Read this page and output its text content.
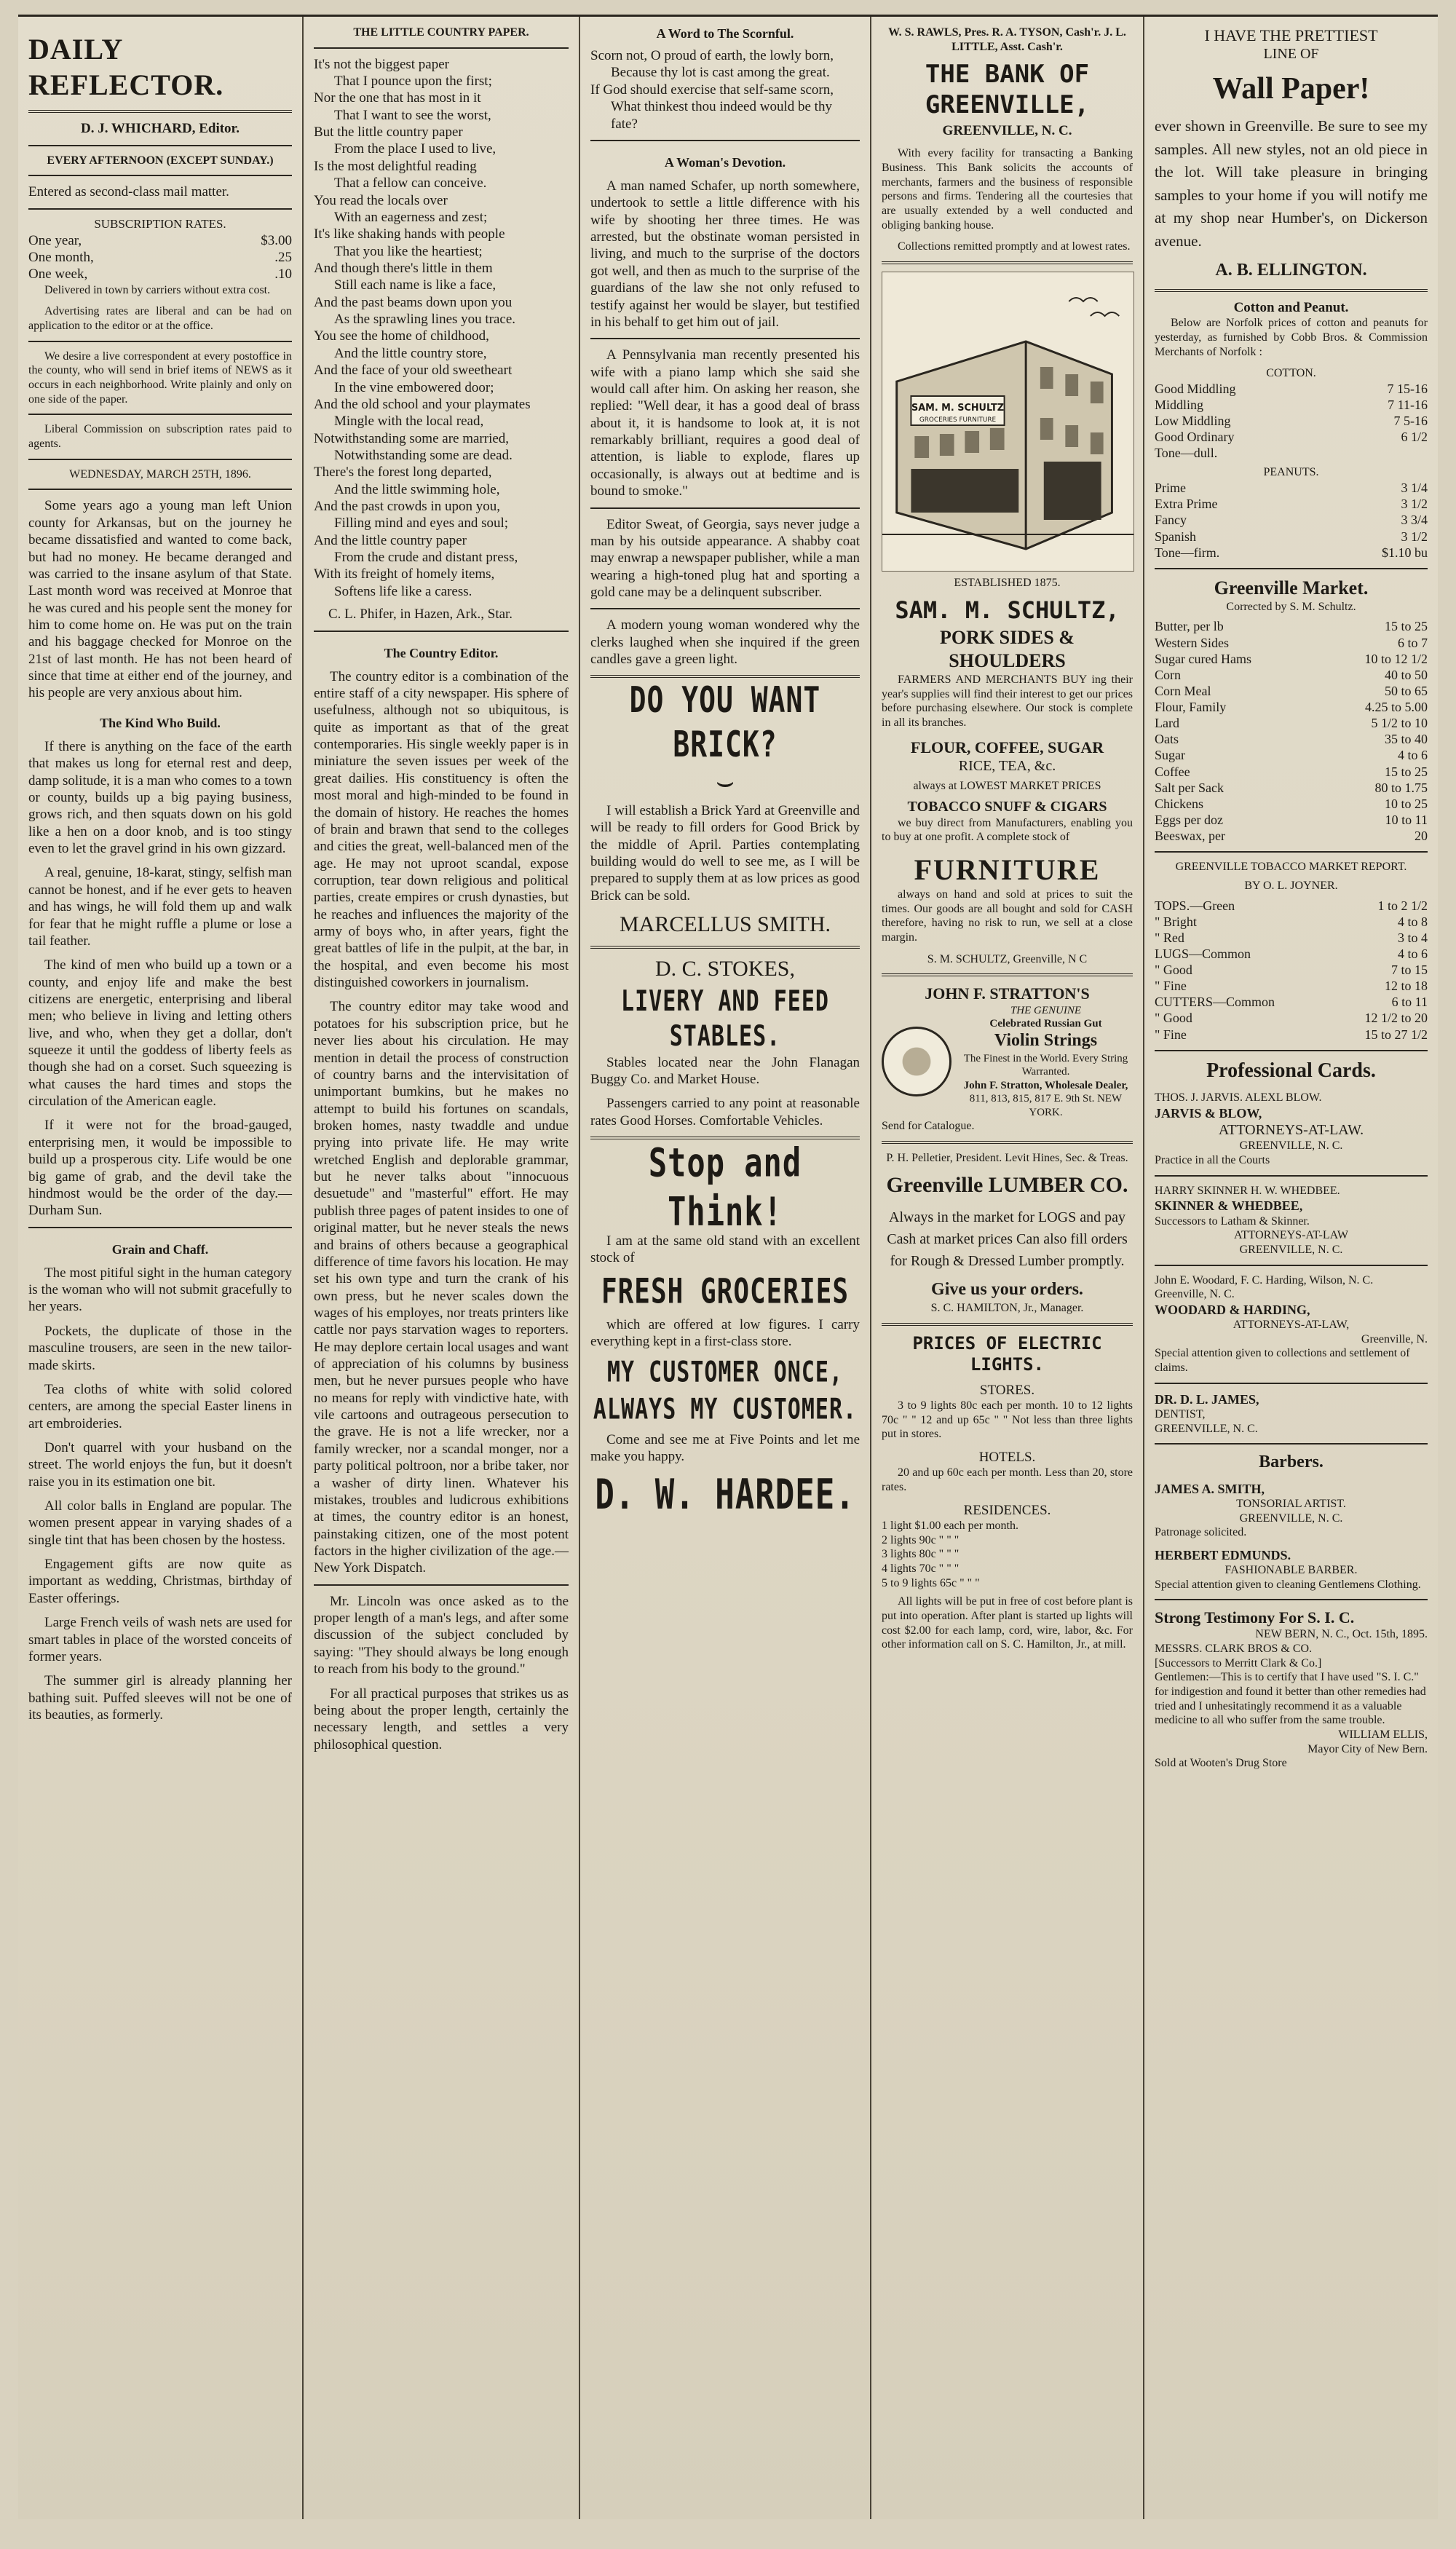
DAILY REFLECTOR.
D. J. WHICHARD, Editor.
EVERY AFTERNOON (EXCEPT SUNDAY.)

Entered as second-class mail matter.

SUBSCRIPTION RATES.
One year,	$3.00
One month,	.25
One week,	.10

Delivered in town by carriers without extra cost.

Advertising rates are liberal and can be had on application to the editor or at the office.

We desire a live correspondent at every postoffice in the county, who will send in brief items of NEWS as it occurs in each neighborhood. Write plainly and only on one side of the paper.

Liberal Commission on subscription rates paid to agents.

WEDNESDAY, MARCH 25TH, 1896.

Some years ago a young man left Union county for Arkansas, but on the journey he became dissatisfied and wanted to come back, but had no money. He became deranged and was carried to the insane asylum of that State. Last month word was received at Monroe that he was cured and his people sent the money for him to come home on. He was put on the train and his baggage checked for Monroe on the 21st of last month. He has not been heard of since that time at either end of the journey, and his people are very anxious about him.

The Kind Who Build.

If there is anything on the face of the earth that makes us long for eternal rest and deep, damp solitude, it is a man who comes to a town or county, builds up a big paying business, grows rich, and then squats down on his gold like a hen on a door knob, and is too stingy even to let the gravel grind in his own gizzard.

A real, genuine, 18-karat, stingy, selfish man cannot be honest, and if he ever gets to heaven and has wings, he will fold them up and walk for fear that he might ruffle a plume or lose a tail feather.

The kind of men who build up a town or a county, and enjoy life and make the best citizens are energetic, enterprising and liberal men; who believe in living and letting others live, and who, when they get a dollar, don't squeeze it until the goddess of liberty feels as though she had on a corset. Such squeezing is what causes the hard times and stops the circulation of the American eagle.

If it were not for the broad-gauged, enterprising men, it would be impossible to build up a prosperous city. Life would be one big game of grab, and the devil take the hindmost would be the order of the day.—Durham Sun.

Grain and Chaff.

The most pitiful sight in the human category is the woman who will not submit gracefully to her years.

Pockets, the duplicate of those in the masculine trousers, are seen in the new tailor-made skirts.

Tea cloths of white with solid colored centers, are among the special Easter linens in art embroideries.

Don't quarrel with your husband on the street. The world enjoys the fun, but it doesn't raise you in its estimation one bit.

All color balls in England are popular. The women present appear in varying shades of a single tint that has been chosen by the hostess.

Engagement gifts are now quite as important as wedding, Christmas, birthday of Easter offerings.

Large French veils of wash nets are used for smart tables in place of the worsted conceits of former years.

The summer girl is already planning her bathing suit. Puffed sleeves will not be one of its beauties, as formerly.

THE LITTLE COUNTRY PAPER.
It's not the biggest paper
That I pounce upon the first;
Nor the one that has most in it
That I want to see the worst,
But the little country paper
From the place I used to live,
Is the most delightful reading
That a fellow can conceive.
You read the locals over
With an eagerness and zest;
It's like shaking hands with people
That you like the heartiest;
And though there's little in them
Still each name is like a face,
And the past beams down upon you
As the sprawling lines you trace.
You see the home of childhood,
And the little country store,
And the face of your old sweetheart
In the vine embowered door;
And the old school and your playmates
Mingle with the local read,
Notwithstanding some are married,
Notwithstanding some are dead.
There's the forest long departed,
And the little swimming hole,
And the past crowds in upon you,
Filling mind and eyes and soul;
And the little country paper
From the crude and distant press,
With its freight of homely items,
Softens life like a caress.
C. L. Phifer, in Hazen, Ark., Star.
The Country Editor.

The country editor is a combination of the entire staff of a city newspaper. His sphere of usefulness, although not so ubiquitous, is quite as important as that of the great contemporaries. His single weekly paper is in miniature the seven issues per week of the great dailies. His constituency is often the most moral and high-minded to be found in the domain of history. He reaches the homes of brain and brawn that send to the colleges and cities the great, well-balanced men of the age. He may not uproot scandal, expose corruption, tear down religious and political parties, create empires or crush dynasties, but he reaches and influences the majority of the army of boys who, in after years, fight the great battles of life in the pulpit, at the bar, in the hospital, and even become his most distinguished coworkers in journalism.

The country editor may take wood and potatoes for his subscription price, but he never lies about his circulation. He may mention in detail the process of construction of country barns and the intervisitation of unimportant bumkins, but he makes no attempt to build his fortunes on scandals, broken homes, nasty twaddle and undue prying into private life. He may write wretched English and deplorable grammar, but he never talks about "innocuous desuetude" and "masterful" effort. He may publish three pages of patent insides to one of original matter, but he never steals the news and brains of others because a geographical difference of time favors his location. He may set his own type and turn the crank of his own press, but he never scales down the wages of his employes, nor treats printers like cattle nor pays starvation wages to reporters. He may deplore certain local usages and want of appreciation of his columns by business men, but he never pursues people who have no means for reply with vindictive hate, with vile cartoons and outrageous persecution to the grave. He is not a life wrecker, nor a family wrecker, nor a scandal monger, nor a party political poltroon, nor a bribe taker, nor a washer of dirty linen. Whatever his mistakes, troubles and ludicrous exhibitions at times, the country editor is an honest, painstaking citizen, one of the most potent factors in the higher civilization of the age.—New York Dispatch.

Mr. Lincoln was once asked as to the proper length of a man's legs, and after some discussion of the subject concluded by saying: "They should always be long enough to reach from his body to the ground."

For all practical purposes that strikes us as being about the proper length, certainly the necessary length, and settles a very philosophical question.

A Word to The Scornful.
Scorn not, O proud of earth, the lowly born,
Because thy lot is cast among the great.
If God should exercise that self-same scorn,
What thinkest thou indeed would be thy fate?
A Woman's Devotion.

A man named Schafer, up north somewhere, undertook to settle a little difference with his wife by shooting her three times. He was arrested, but the obstinate woman persisted in living, and much to the surprise of the doctors got well, and then as much to the surprise of the guardians of the law she not only refused to testify against her would be slayer, but testified in his behalf to get him out of jail.

A Pennsylvania man recently presented his wife with a piano lamp which she said she would call after him. On asking her reason, she replied: "Well dear, it has a good deal of brass about it, it is handsome to look at, it is not remarkably brilliant, requires a good deal of attention, is liable to explode, flares up occasionally, is always out at bedtime and is bound to smoke."

Editor Sweat, of Georgia, says never judge a man by his outside appearance. A shabby coat may enwrap a newspaper publisher, while a man wearing a high-toned plug hat and sporting a gold cane may be a delinquent subscriber.

A modern young woman wondered why the clerks laughed when she inquired if the green candles gave a green light.

DO YOU WANT BRICK?
⌣

I will establish a Brick Yard at Greenville and will be ready to fill orders for Good Brick by the middle of April. Parties contemplating building would do well to see me, as I will be prepared to supply them at as low prices as good Brick can be sold.

MARCELLUS SMITH.
D. C. STOKES,
LIVERY AND FEED STABLES.

Stables located near the John Flanagan Buggy Co. and Market House.

Passengers carried to any point at reasonable rates Good Horses. Comfortable Vehicles.

Stop and Think!

I am at the same old stand with an excellent stock of

FRESH GROCERIES

which are offered at low figures. I carry everything kept in a first-class store.

MY CUSTOMER ONCE,
ALWAYS MY CUSTOMER.

Come and see me at Five Points and let me make you happy.

D. W. HARDEE.
W. S. RAWLS, Pres. R. A. TYSON, Cash'r. J. L. LITTLE, Asst. Cash'r.
THE BANK OF GREENVILLE,
GREENVILLE, N. C.

With every facility for transacting a Banking Business. This Bank solicits the accounts of merchants, farmers and the business of responsible persons and firms. Tendering all the courtesies that are usually extended by a well conducted and obliging banking house.

Collections remitted promptly and at lowest rates.

SAM. M. SCHULTZ
GROCERIES FURNITURE
ESTABLISHED 1875.
SAM. M. SCHULTZ,
PORK SIDES & SHOULDERS

FARMERS AND MERCHANTS BUY ing their year's supplies will find their interest to get our prices before purchasing elsewhere. Our stock is complete in all its branches.

FLOUR, COFFEE, SUGAR
RICE, TEA, &c.
always at LOWEST MARKET PRICES
TOBACCO SNUFF & CIGARS

we buy direct from Manufacturers, enabling you to buy at one profit. A complete stock of

FURNITURE

always on hand and sold at prices to suit the times. Our goods are all bought and sold for CASH therefore, having no risk to run, we sell at a close margin.

S. M. SCHULTZ, Greenville, N C
JOHN F. STRATTON'S
THE GENUINE
Celebrated Russian Gut
Violin Strings
The Finest in the World. Every String Warranted.
John F. Stratton, Wholesale Dealer,
811, 813, 815, 817 E. 9th St. NEW YORK.
Send for Catalogue.
P. H. Pelletier, President. Levit Hines, Sec. & Treas.
Greenville LUMBER CO.

Always in the market for LOGS and pay Cash at market prices Can also fill orders for Rough & Dressed Lumber promptly.

Give us your orders.
S. C. HAMILTON, Jr., Manager.
PRICES OF ELECTRIC LIGHTS.
STORES.

3 to 9 lights 80c each per month. 10 to 12 lights 70c " " 12 and up 65c " " Not less than three lights put in stores.

HOTELS.

20 and up 60c each per month. Less than 20, store rates.

RESIDENCES.
1 light $1.00 each per month.
2 lights 90c " " "
3 lights 80c " " "
4 lights 70c " " "
5 to 9 lights 65c " " "

All lights will be put in free of cost before plant is put into operation. After plant is started up lights will cost $2.00 for each lamp, cord, wire, labor, &c. For other information call on S. C. Hamilton, Jr., at mill.

I HAVE THE PRETTIEST
LINE OF
Wall Paper!

ever shown in Greenville. Be sure to see my samples. All new styles, not an old piece in the lot. Will take pleasure in bringing samples to your home if you will notify me at my shop near Humber's, on Dickerson avenue.

A. B. ELLINGTON.
Cotton and Peanut.

Below are Norfolk prices of cotton and peanuts for yesterday, as furnished by Cobb Bros. & Commission Merchants of Norfolk :

COTTON.
Good Middling	7 15-16
Middling	7 11-16
Low Middling	7 5-16
Good Ordinary	6 1/2
Tone—dull.
PEANUTS.
Prime	3 1/4
Extra Prime	3 1/2
Fancy	3 3/4
Spanish	3 1/2
Tone—firm.	$1.10 bu
Greenville Market.
Corrected by S. M. Schultz.
Butter, per lb	15 to 25
Western Sides	6 to 7
Sugar cured Hams	10 to 12 1/2
Corn	40 to 50
Corn Meal	50 to 65
Flour, Family	4.25 to 5.00
Lard	5 1/2 to 10
Oats	35 to 40
Sugar	4 to 6
Coffee	15 to 25
Salt per Sack	80 to 1.75
Chickens	10 to 25
Eggs per doz	10 to 11
Beeswax, per	20
GREENVILLE TOBACCO MARKET REPORT.
BY O. L. JOYNER.
TOPS.—Green	1 to 2 1/2
" Bright	4 to 8
" Red	3 to 4
LUGS—Common	4 to 6
" Good	7 to 15
" Fine	12 to 18
CUTTERS—Common	6 to 11
" Good	12 1/2 to 20
" Fine	15 to 27 1/2
Professional Cards.
THOS. J. JARVIS. ALEXL BLOW.
JARVIS & BLOW,
ATTORNEYS-AT-LAW.
GREENVILLE, N. C.
Practice in all the Courts
HARRY SKINNER H. W. WHEDBEE.
SKINNER & WHEDBEE,
Successors to Latham & Skinner.
ATTORNEYS-AT-LAW
GREENVILLE, N. C.
John E. Woodard, F. C. Harding, Wilson, N. C. Greenville, N. C.
WOODARD & HARDING,
ATTORNEYS-AT-LAW,
Greenville, N.
Special attention given to collections and settlement of claims.
DR. D. L. JAMES,
DENTIST,
GREENVILLE, N. C.
Barbers.
JAMES A. SMITH,
TONSORIAL ARTIST.
GREENVILLE, N. C.
Patronage solicited.
HERBERT EDMUNDS.
FASHIONABLE BARBER.
Special attention given to cleaning Gentlemens Clothing.
Strong Testimony For S. I. C.
NEW BERN, N. C., Oct. 15th, 1895.
MESSRS. CLARK BROS & CO.
[Successors to Merritt Clark & Co.]
Gentlemen:—This is to certify that I have used "S. I. C." for indigestion and found it better than other remedies had tried and I unhesitatingly recommend it as a valuable medicine to all who suffer from the same trouble.
WILLIAM ELLIS,
Mayor City of New Bern.
Sold at Wooten's Drug Store
